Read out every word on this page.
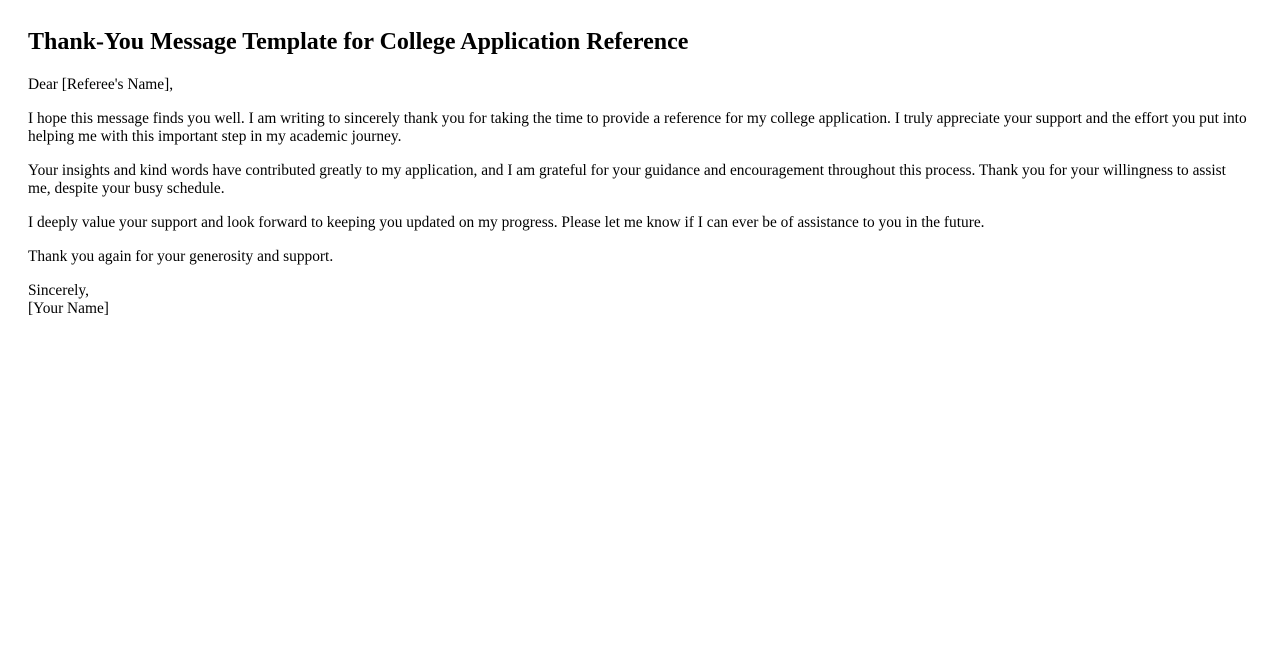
Thank-You Message Template for College Application Reference

Dear [Referee's Name],

I hope this message finds you well. I am writing to sincerely thank you for taking the time to provide a reference for my college application. I truly appreciate your support and the effort you put into helping me with this important step in my academic journey.

Your insights and kind words have contributed greatly to my application, and I am grateful for your guidance and encouragement throughout this process. Thank you for your willingness to assist me, despite your busy schedule.

I deeply value your support and look forward to keeping you updated on my progress. Please let me know if I can ever be of assistance to you in the future.

Thank you again for your generosity and support.

Sincerely,
[Your Name]
